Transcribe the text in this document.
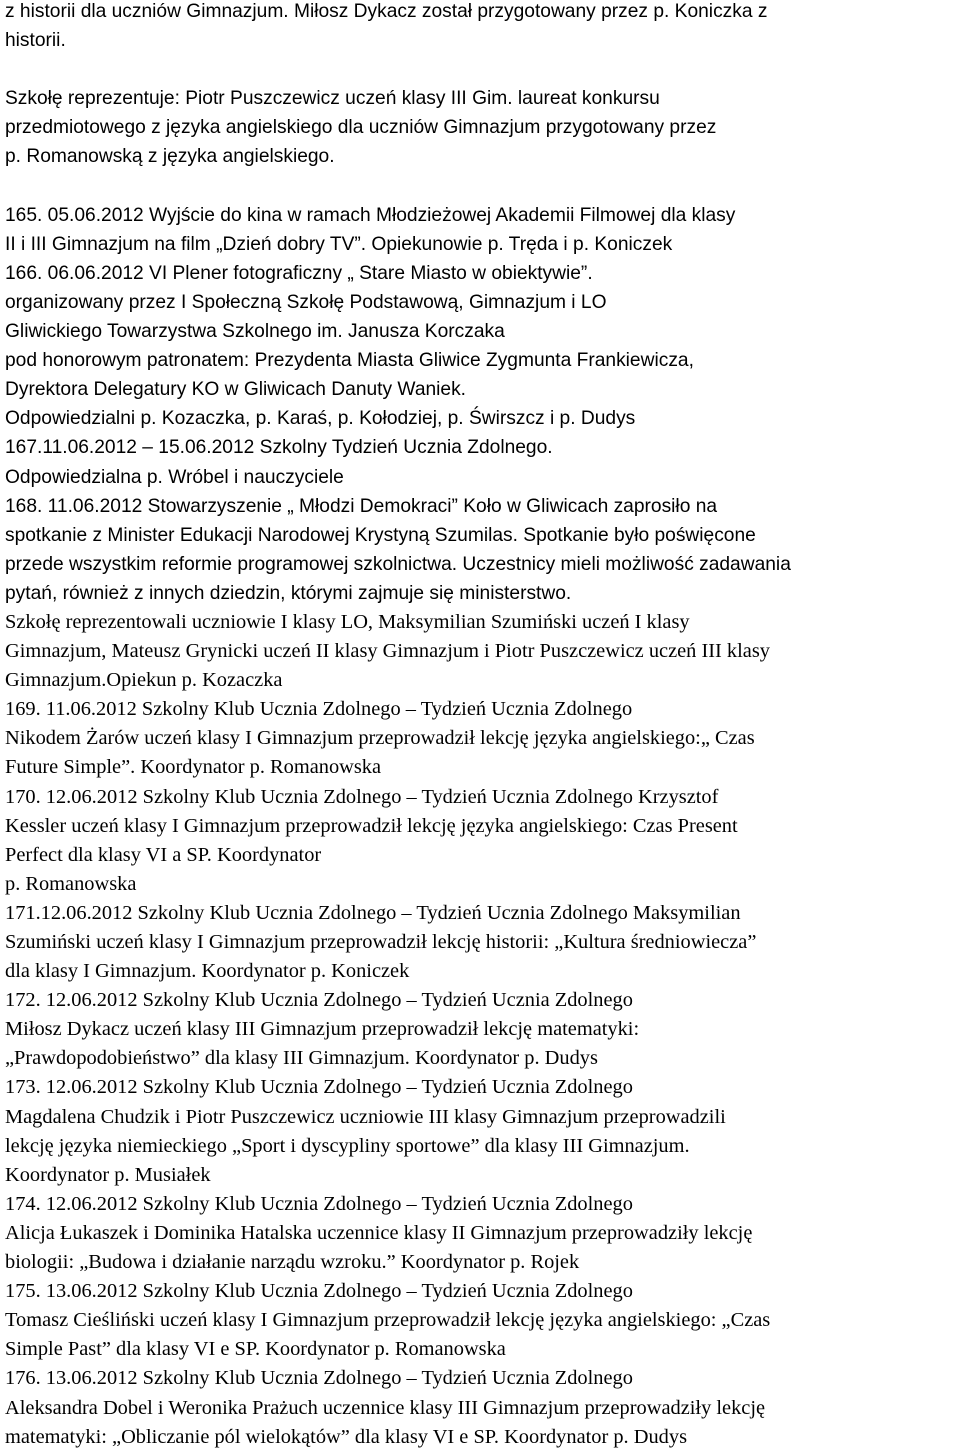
z historii dla uczniów Gimnazjum. Miłosz Dykacz został przygotowany przez p. Koniczka z
historii.
Szkołę reprezentuje: Piotr Puszczewicz uczeń klasy III Gim. laureat konkursu
przedmiotowego z języka angielskiego dla uczniów Gimnazjum przygotowany przez
p. Romanowską z języka angielskiego.
165. 05.06.2012 Wyjście do kina w ramach Młodzieżowej Akademii Filmowej dla klasy
II i III Gimnazjum na film „Dzień dobry TV”. Opiekunowie p. Tręda i p. Koniczek
166. 06.06.2012 VI Plener fotograficzny „ Stare Miasto w obiektywie”.
organizowany przez I Społeczną Szkołę Podstawową, Gimnazjum i LO
Gliwickiego Towarzystwa Szkolnego im. Janusza Korczaka
pod honorowym patronatem: Prezydenta Miasta Gliwice Zygmunta Frankiewicza,
Dyrektora Delegatury KO w Gliwicach Danuty Waniek.
Odpowiedzialni p. Kozaczka, p. Karaś, p. Kołodziej, p. Świrszcz i p. Dudys
167.11.06.2012 – 15.06.2012 Szkolny Tydzień Ucznia Zdolnego.
Odpowiedzialna p. Wróbel i nauczyciele
168. 11.06.2012 Stowarzyszenie „ Młodzi Demokraci” Koło w Gliwicach zaprosiło na
spotkanie z Minister Edukacji Narodowej Krystyną Szumilas. Spotkanie było poświęcone
przede wszystkim reformie programowej szkolnictwa. Uczestnicy mieli możliwość zadawania
pytań, również z innych dziedzin, którymi zajmuje się ministerstwo.
Szkołę reprezentowali uczniowie I klasy LO, Maksymilian Szumiński uczeń I klasy
Gimnazjum, Mateusz Grynicki uczeń II klasy Gimnazjum i Piotr Puszczewicz uczeń III klasy
Gimnazjum.Opiekun p. Kozaczka
169. 11.06.2012 Szkolny Klub Ucznia Zdolnego – Tydzień Ucznia Zdolnego
Nikodem Żarów uczeń klasy I Gimnazjum przeprowadził lekcję języka angielskiego:„ Czas
Future Simple”. Koordynator p. Romanowska
170. 12.06.2012 Szkolny Klub Ucznia Zdolnego – Tydzień Ucznia Zdolnego Krzysztof
Kessler uczeń klasy I Gimnazjum przeprowadził lekcję języka angielskiego: Czas Present
Perfect dla klasy VI a SP. Koordynator
p. Romanowska
171.12.06.2012 Szkolny Klub Ucznia Zdolnego – Tydzień Ucznia Zdolnego Maksymilian
Szumiński uczeń klasy I Gimnazjum przeprowadził lekcję historii: „Kultura średniowiecza”
dla klasy I Gimnazjum. Koordynator p. Koniczek
172. 12.06.2012 Szkolny Klub Ucznia Zdolnego – Tydzień Ucznia Zdolnego
Miłosz Dykacz uczeń klasy III Gimnazjum przeprowadził lekcję matematyki:
„Prawdopodobieństwo” dla klasy III Gimnazjum. Koordynator p. Dudys
173. 12.06.2012 Szkolny Klub Ucznia Zdolnego – Tydzień Ucznia Zdolnego
Magdalena Chudzik i Piotr Puszczewicz uczniowie III klasy Gimnazjum przeprowadzili
lekcję języka niemieckiego „Sport i dyscypliny sportowe” dla klasy III Gimnazjum.
Koordynator p. Musiałek
174. 12.06.2012 Szkolny Klub Ucznia Zdolnego – Tydzień Ucznia Zdolnego
Alicja Łukaszek i Dominika Hatalska uczennice klasy II Gimnazjum przeprowadziły lekcję
biologii: „Budowa i działanie narządu wzroku.” Koordynator p. Rojek
175. 13.06.2012 Szkolny Klub Ucznia Zdolnego – Tydzień Ucznia Zdolnego
Tomasz Cieśliński uczeń klasy I Gimnazjum przeprowadził lekcję języka angielskiego: „Czas
Simple Past” dla klasy VI e SP. Koordynator p. Romanowska
176. 13.06.2012 Szkolny Klub Ucznia Zdolnego – Tydzień Ucznia Zdolnego
Aleksandra Dobel i Weronika Prażuch uczennice klasy III Gimnazjum przeprowadziły lekcję
matematyki: „Obliczanie pól wielokątów” dla klasy VI e SP. Koordynator p. Dudys
